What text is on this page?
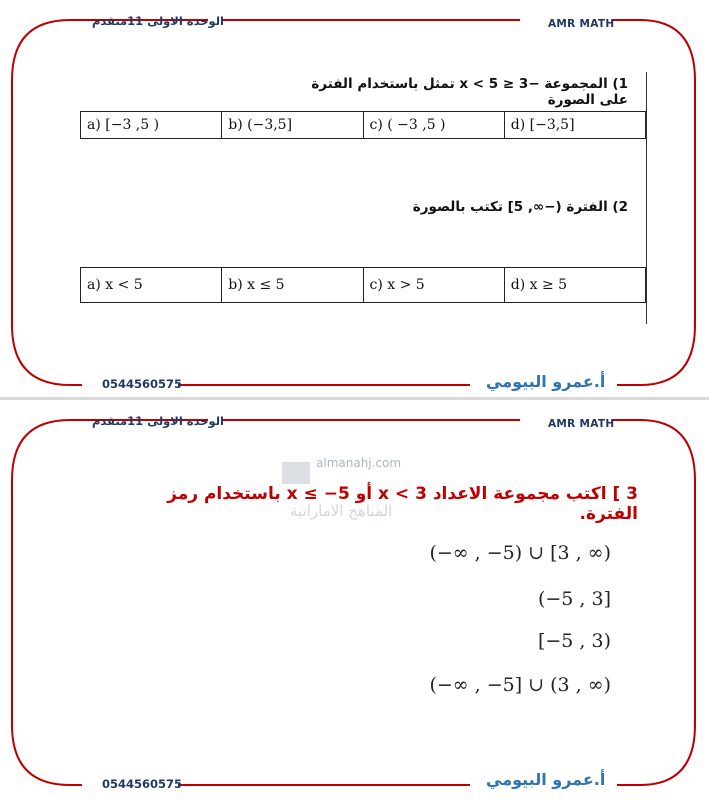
الوحدة الاولى 11متقدم	AMR MATH
1) المجموعة −3 ≤ x < 5 تمثل باستخدام الفترة على الصورة
a) [−3 ,5 )	b) (−3,5]	c) ( −3 ,5 )	d) [−3,5]
2) الفترة (−∞, 5] تكتب بالصورة
a) x < 5	b) x ≤ 5	c) x > 5	d) x ≥ 5
0544560575	أ.عمرو البيومي
الوحدة الاولى 11متقدم	AMR MATH
almanahj.com
المناهج الاماراتية
3 ] اكتب مجموعة الاعداد x < 3 أو 5− ≥ x باستخدام رمز الفترة.
(−∞ , −5) ∪ [3 , ∞)
(−5 , 3]
[−5 , 3)
(−∞ , −5] ∪ (3 , ∞)
0544560575	أ.عمرو البيومي
